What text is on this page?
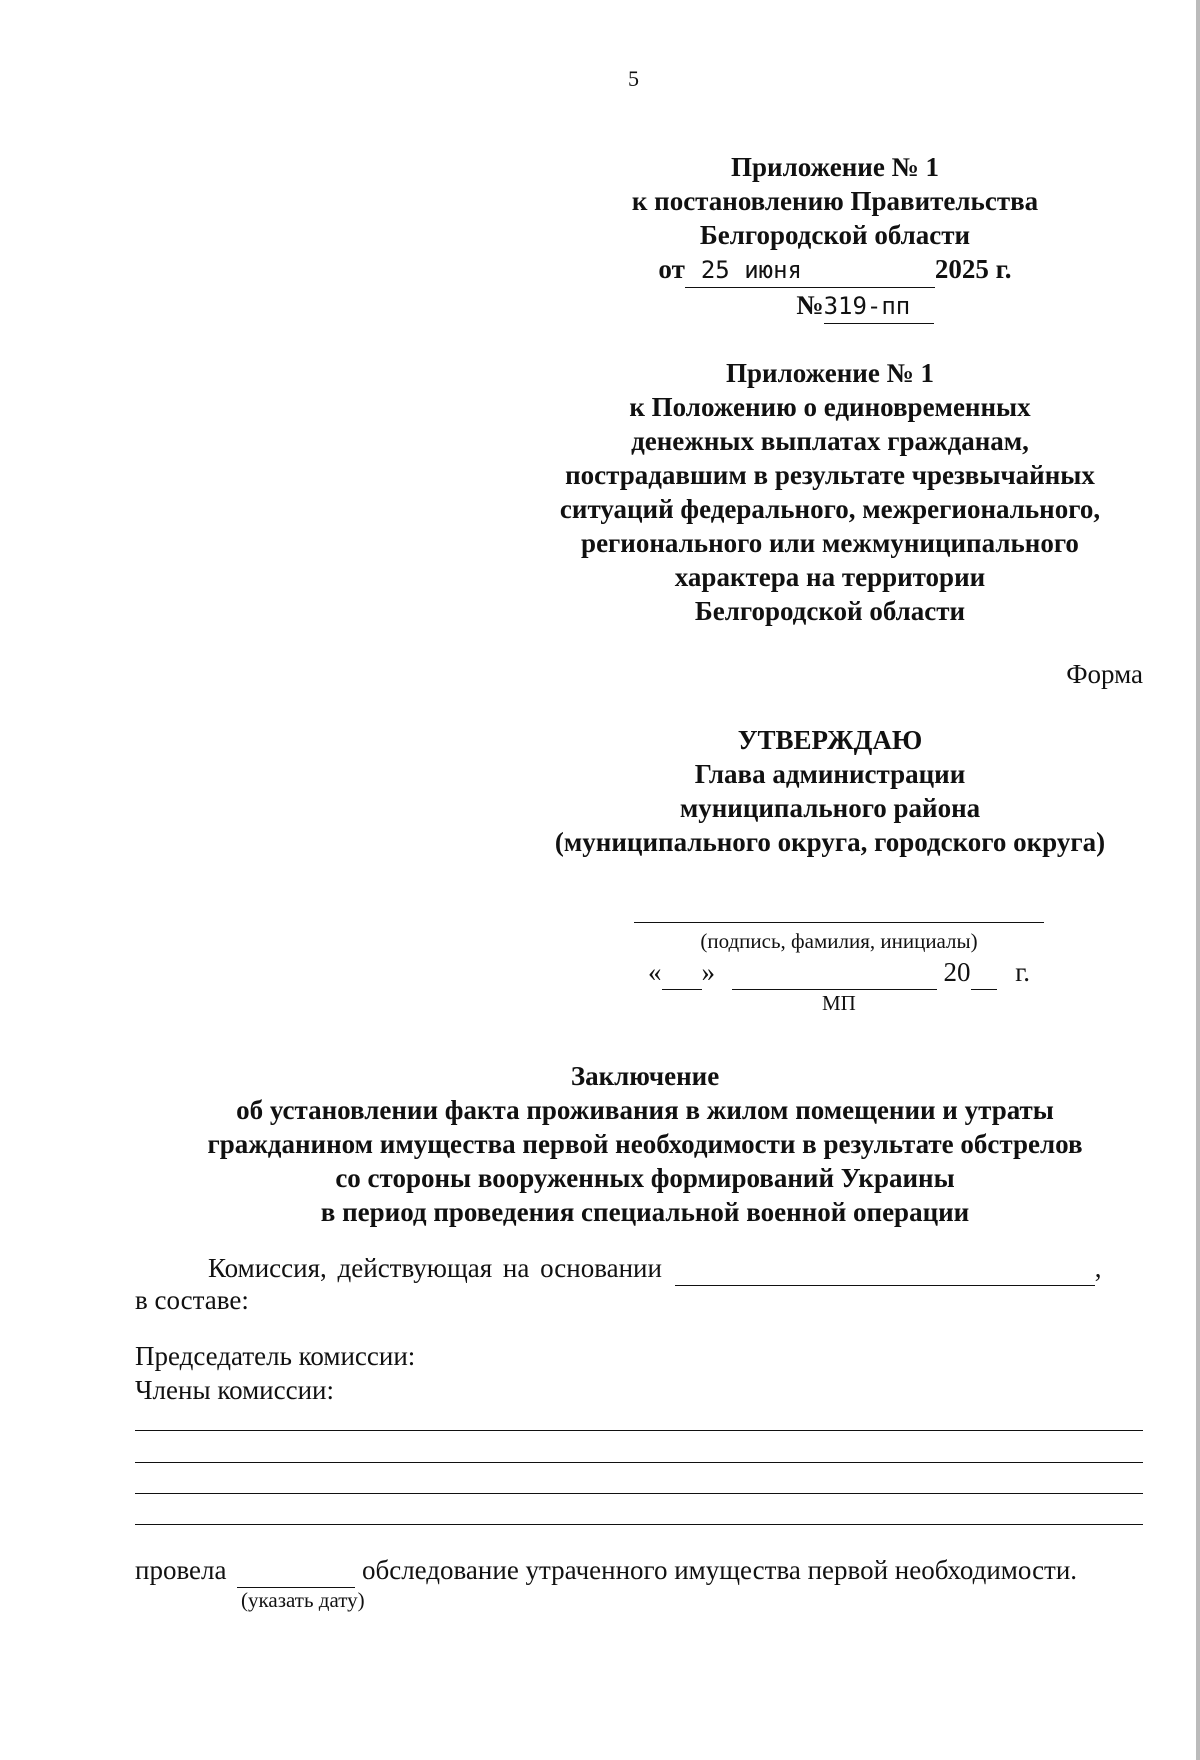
5
Приложение № 1
к постановлению Правительства
Белгородской области
от 25 июня	2025 г.
№319-пп
Приложение № 1
к Положению о единовременных
денежных выплатах гражданам,
пострадавшим в результате чрезвычайных
ситуаций федерального, межрегионального,
регионального или межмуниципального
характера на территории
Белгородской области
Форма
УТВЕРЖДАЮ
Глава администрации
муниципального района
(муниципального округа, городского округа)
(подпись, фамилия, инициалы)
« »	20 г.
МП
Заключение
об установлении факта проживания в жилом помещении и утраты
гражданином имущества первой необходимости в результате обстрелов
со стороны вооруженных формирований Украины
в период проведения специальной военной операции
Комиссия, действующая на основании	,
в составе:
Председатель комиссии:
Члены комиссии:
провела	обследование утраченного имущества первой необходимости.
(указать дату)
